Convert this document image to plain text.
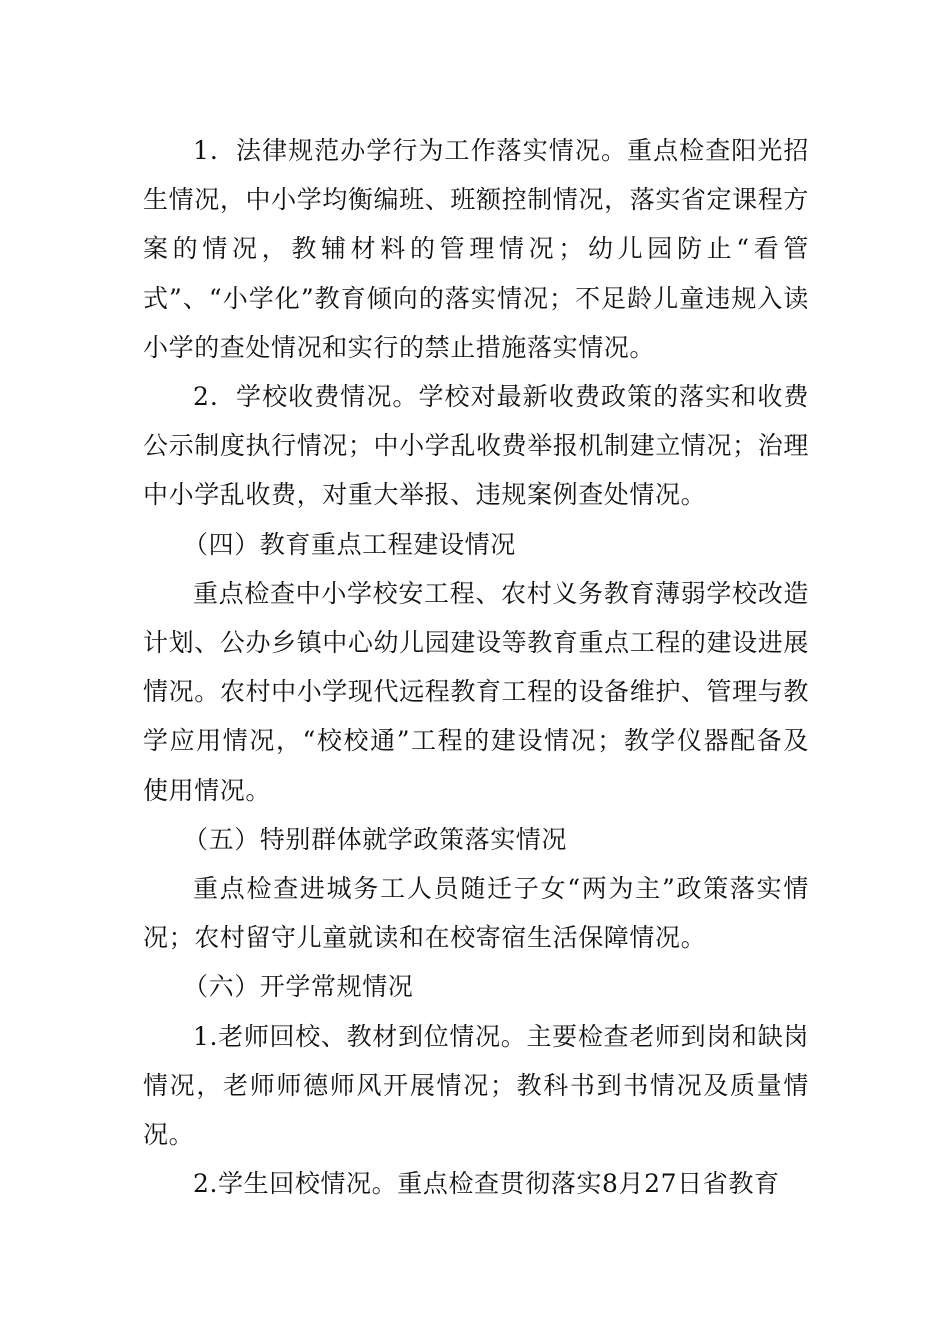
1．法律规范办学行为工作落实情况。重点检查阳光招生情况，中小学均衡编班、班额控制情况，落实省定课程方案的情况，教辅材料的管理情况；幼儿园防止“看管式”、“小学化”教育倾向的落实情况；不足龄儿童违规入读小学的查处情况和实行的禁止措施落实情况。

2．学校收费情况。学校对最新收费政策的落实和收费公示制度执行情况；中小学乱收费举报机制建立情况；治理中小学乱收费，对重大举报、违规案例查处情况。

（四）教育重点工程建设情况

重点检查中小学校安工程、农村义务教育薄弱学校改造计划、公办乡镇中心幼儿园建设等教育重点工程的建设进展情况。农村中小学现代远程教育工程的设备维护、管理与教学应用情况，“校校通”工程的建设情况；教学仪器配备及使用情况。

（五）特别群体就学政策落实情况

重点检查进城务工人员随迁子女“两为主”政策落实情况；农村留守儿童就读和在校寄宿生活保障情况。

（六）开学常规情况

1.老师回校、教材到位情况。主要检查老师到岗和缺岗情况，老师师德师风开展情况；教科书到书情况及质量情况。

2.学生回校情况。重点检查贯彻落实8月27日省教育
